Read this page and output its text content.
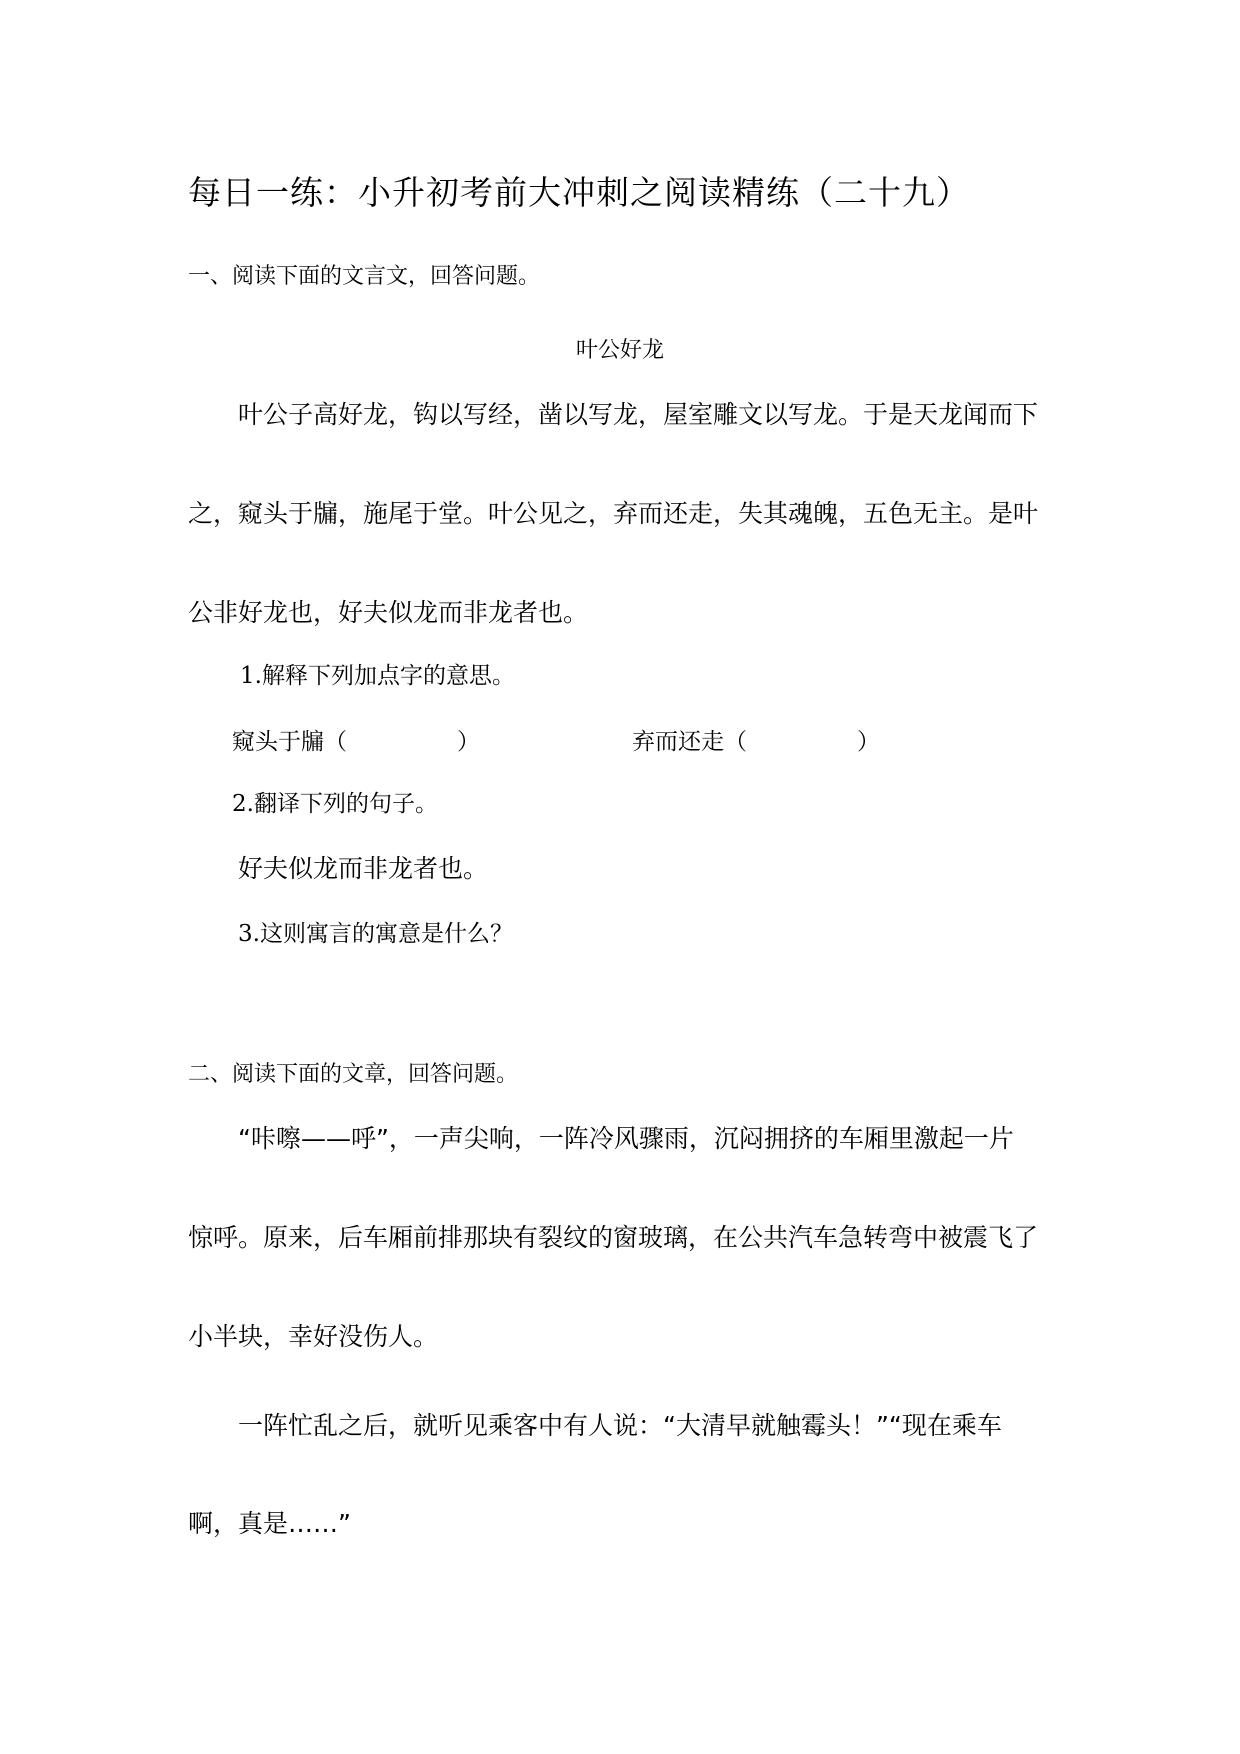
每日一练：小升初考前大冲刺之阅读精练（二十九）
一、阅读下面的文言文，回答问题。
叶公好龙
叶公子高好龙，钩以写经，凿以写龙，屋室雕文以写龙。于是天龙闻而下
之，窥头于牖，施尾于堂。叶公见之，弃而还走，失其魂魄，五色无主。是叶
公非好龙也，好夫似龙而非龙者也。
1.解释下列加点字的意思。
窥头于牖（	）	弃而还走（	）
2.翻译下列的句子。
好夫似龙而非龙者也。
3.这则寓言的寓意是什么？
二、阅读下面的文章，回答问题。
“咔嚓——呼”，一声尖响，一阵冷风骤雨，沉闷拥挤的车厢里激起一片
惊呼。原来，后车厢前排那块有裂纹的窗玻璃，在公共汽车急转弯中被震飞了
小半块，幸好没伤人。
一阵忙乱之后，就听见乘客中有人说：“大清早就触霉头！”“现在乘车
啊，真是……”
